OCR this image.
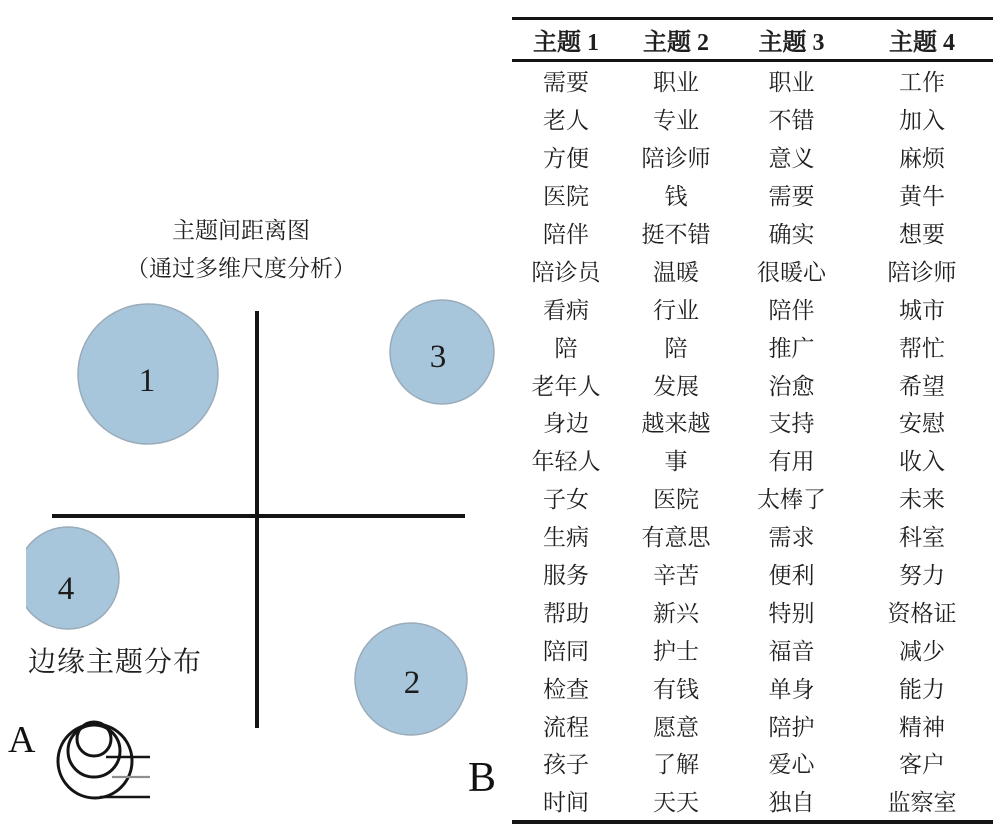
主题间距离图
（通过多维尺度分析）
1
2
3
4
边缘主题分布
A
主题 1	主题 2	主题 3	主题 4
需要	职业	职业	工作
老人	专业	不错	加入
方便	陪诊师	意义	麻烦
医院	钱	需要	黄牛
陪伴	挺不错	确实	想要
陪诊员	温暖	很暖心	陪诊师
看病	行业	陪伴	城市
陪	陪	推广	帮忙
老年人	发展	治愈	希望
身边	越来越	支持	安慰
年轻人	事	有用	收入
子女	医院	太棒了	未来
生病	有意思	需求	科室
服务	辛苦	便利	努力
帮助	新兴	特别	资格证
陪同	护士	福音	减少
检查	有钱	单身	能力
流程	愿意	陪护	精神
孩子	了解	爱心	客户
时间	天天	独自	监察室
B
